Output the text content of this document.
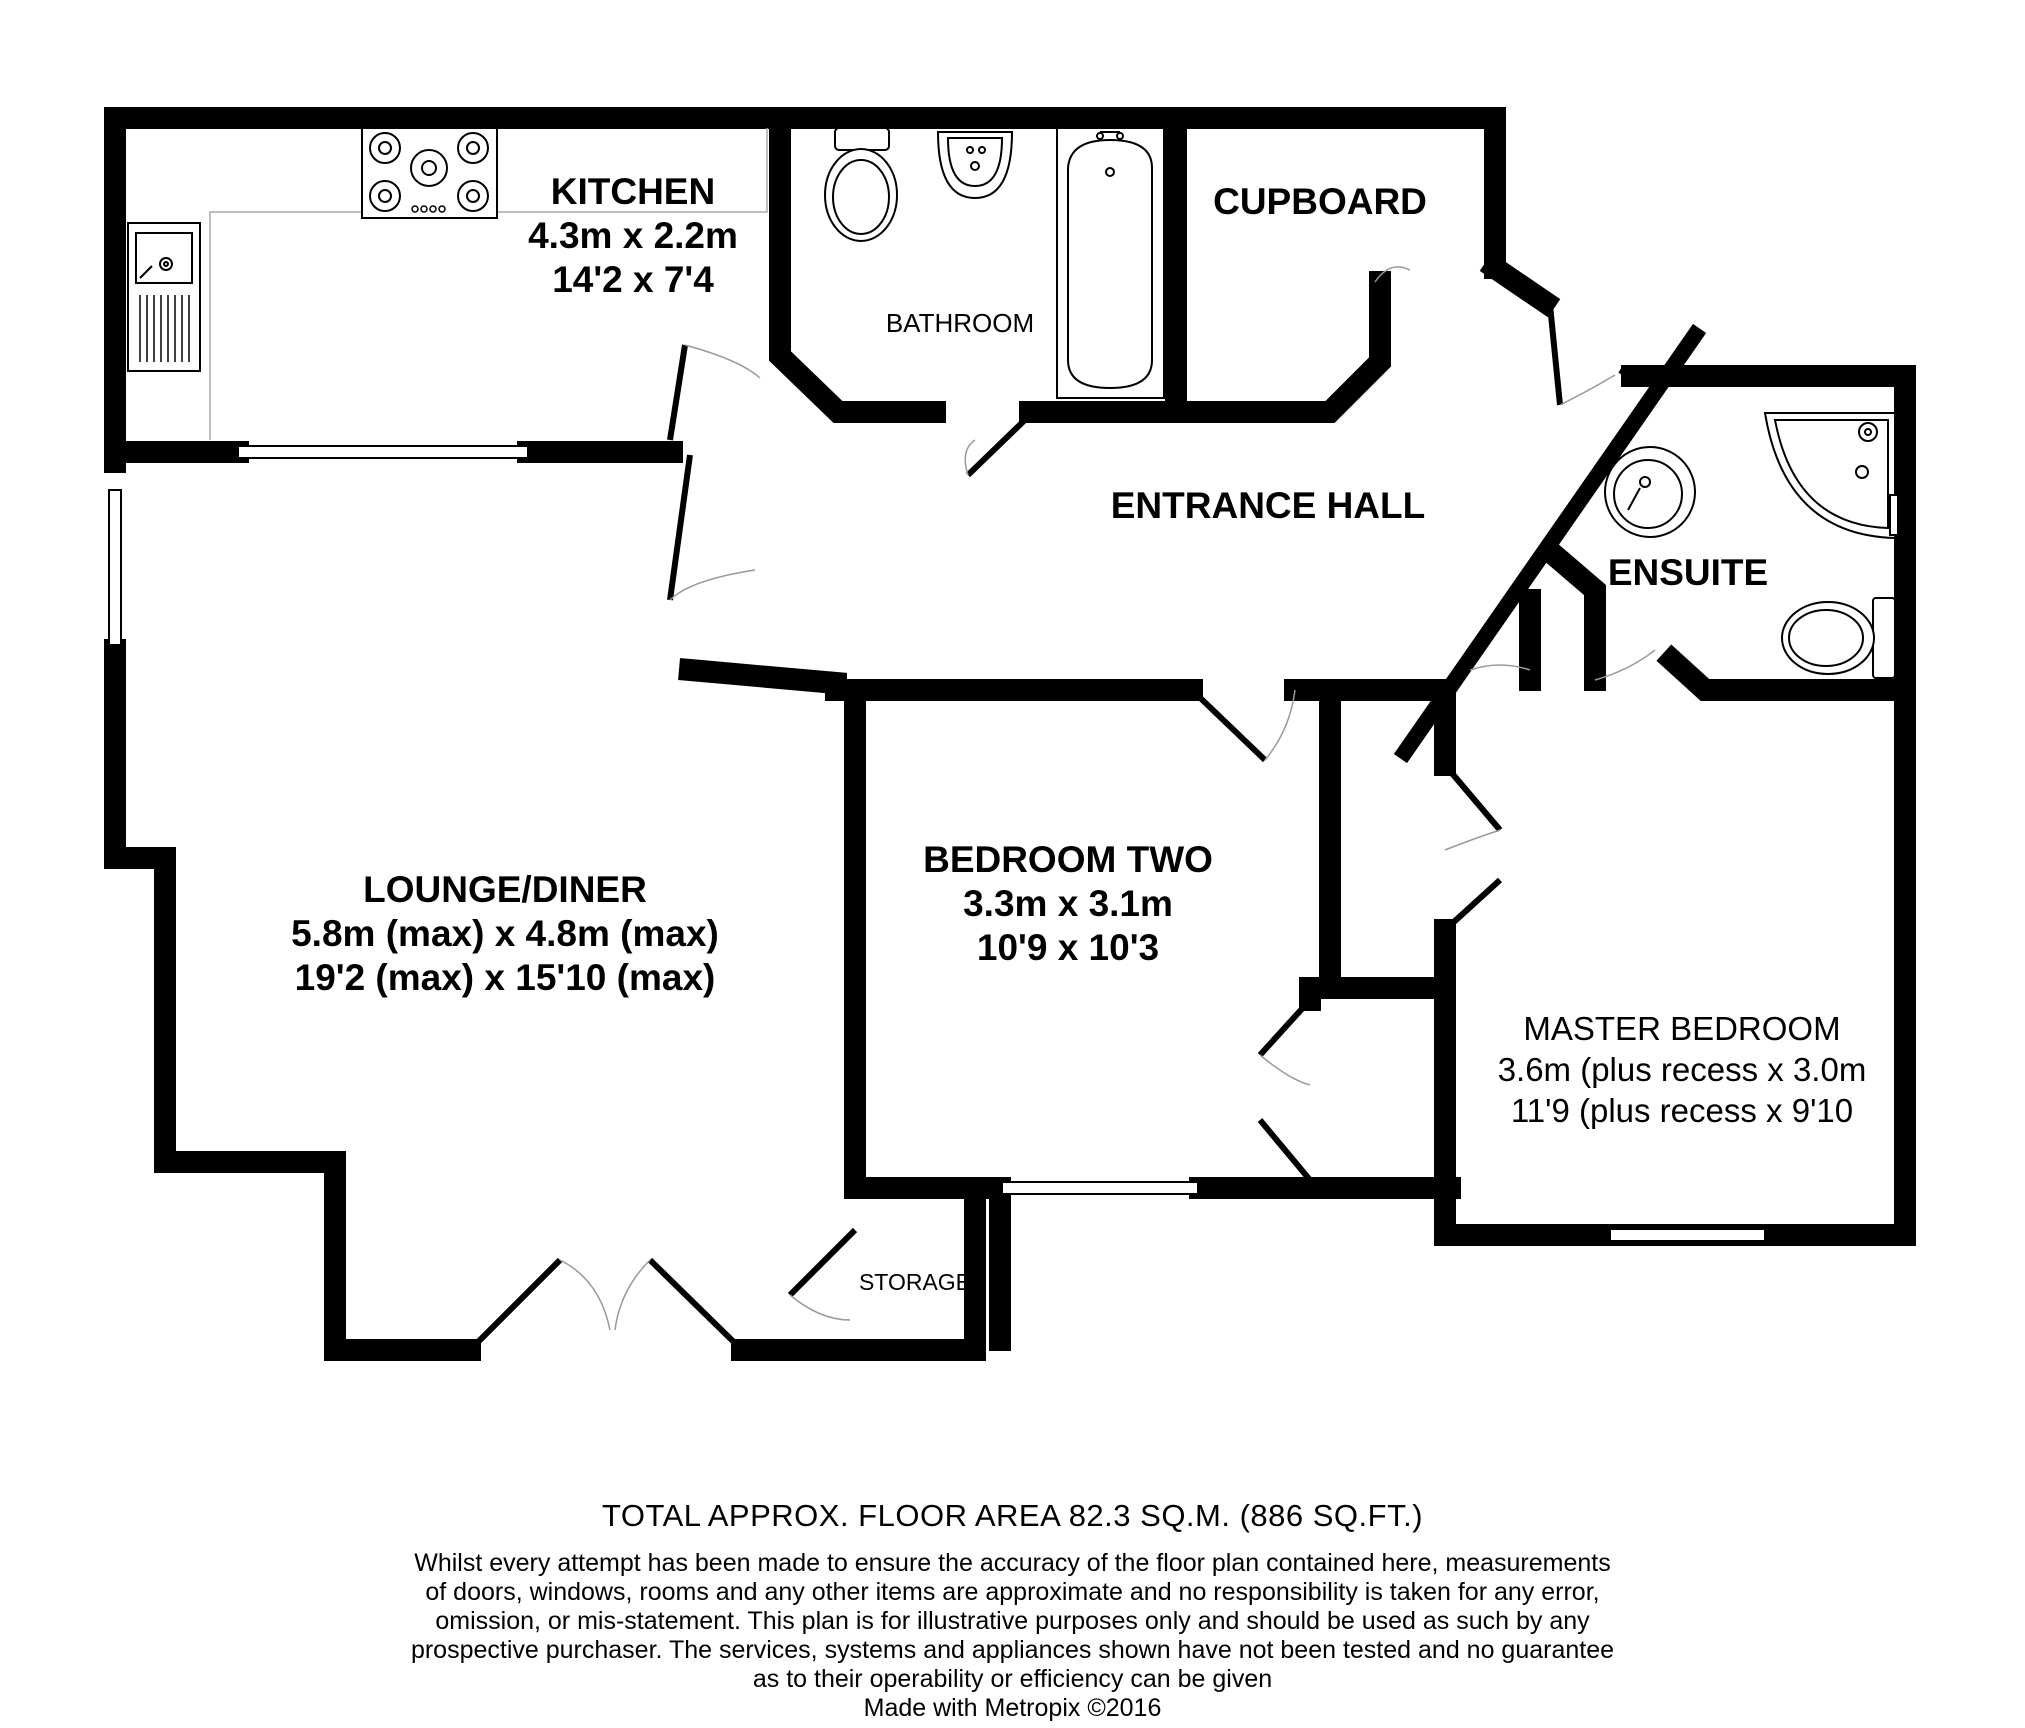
KITCHEN
4.3m x 2.2m
14'2 x 7'4
BATHROOM
CUPBOARD
ENTRANCE HALL
ENSUITE
LOUNGE/DINER
5.8m (max) x 4.8m (max)
19'2 (max) x 15'10 (max)
BEDROOM TWO
3.3m x 3.1m
10'9 x 10'3
MASTER BEDROOM
3.6m (plus recess x 3.0m
11'9 (plus recess x 9'10
STORAGE
TOTAL APPROX. FLOOR AREA 82.3 SQ.M. (886 SQ.FT.)
Whilst every attempt has been made to ensure the accuracy of the floor plan contained here, measurements
of doors, windows, rooms and any other items are approximate and no responsibility is taken for any error,
omission, or mis-statement. This plan is for illustrative purposes only and should be used as such by any
prospective purchaser. The services, systems and appliances shown have not been tested and no guarantee
as to their operability or efficiency can be given
Made with Metropix ©2016
